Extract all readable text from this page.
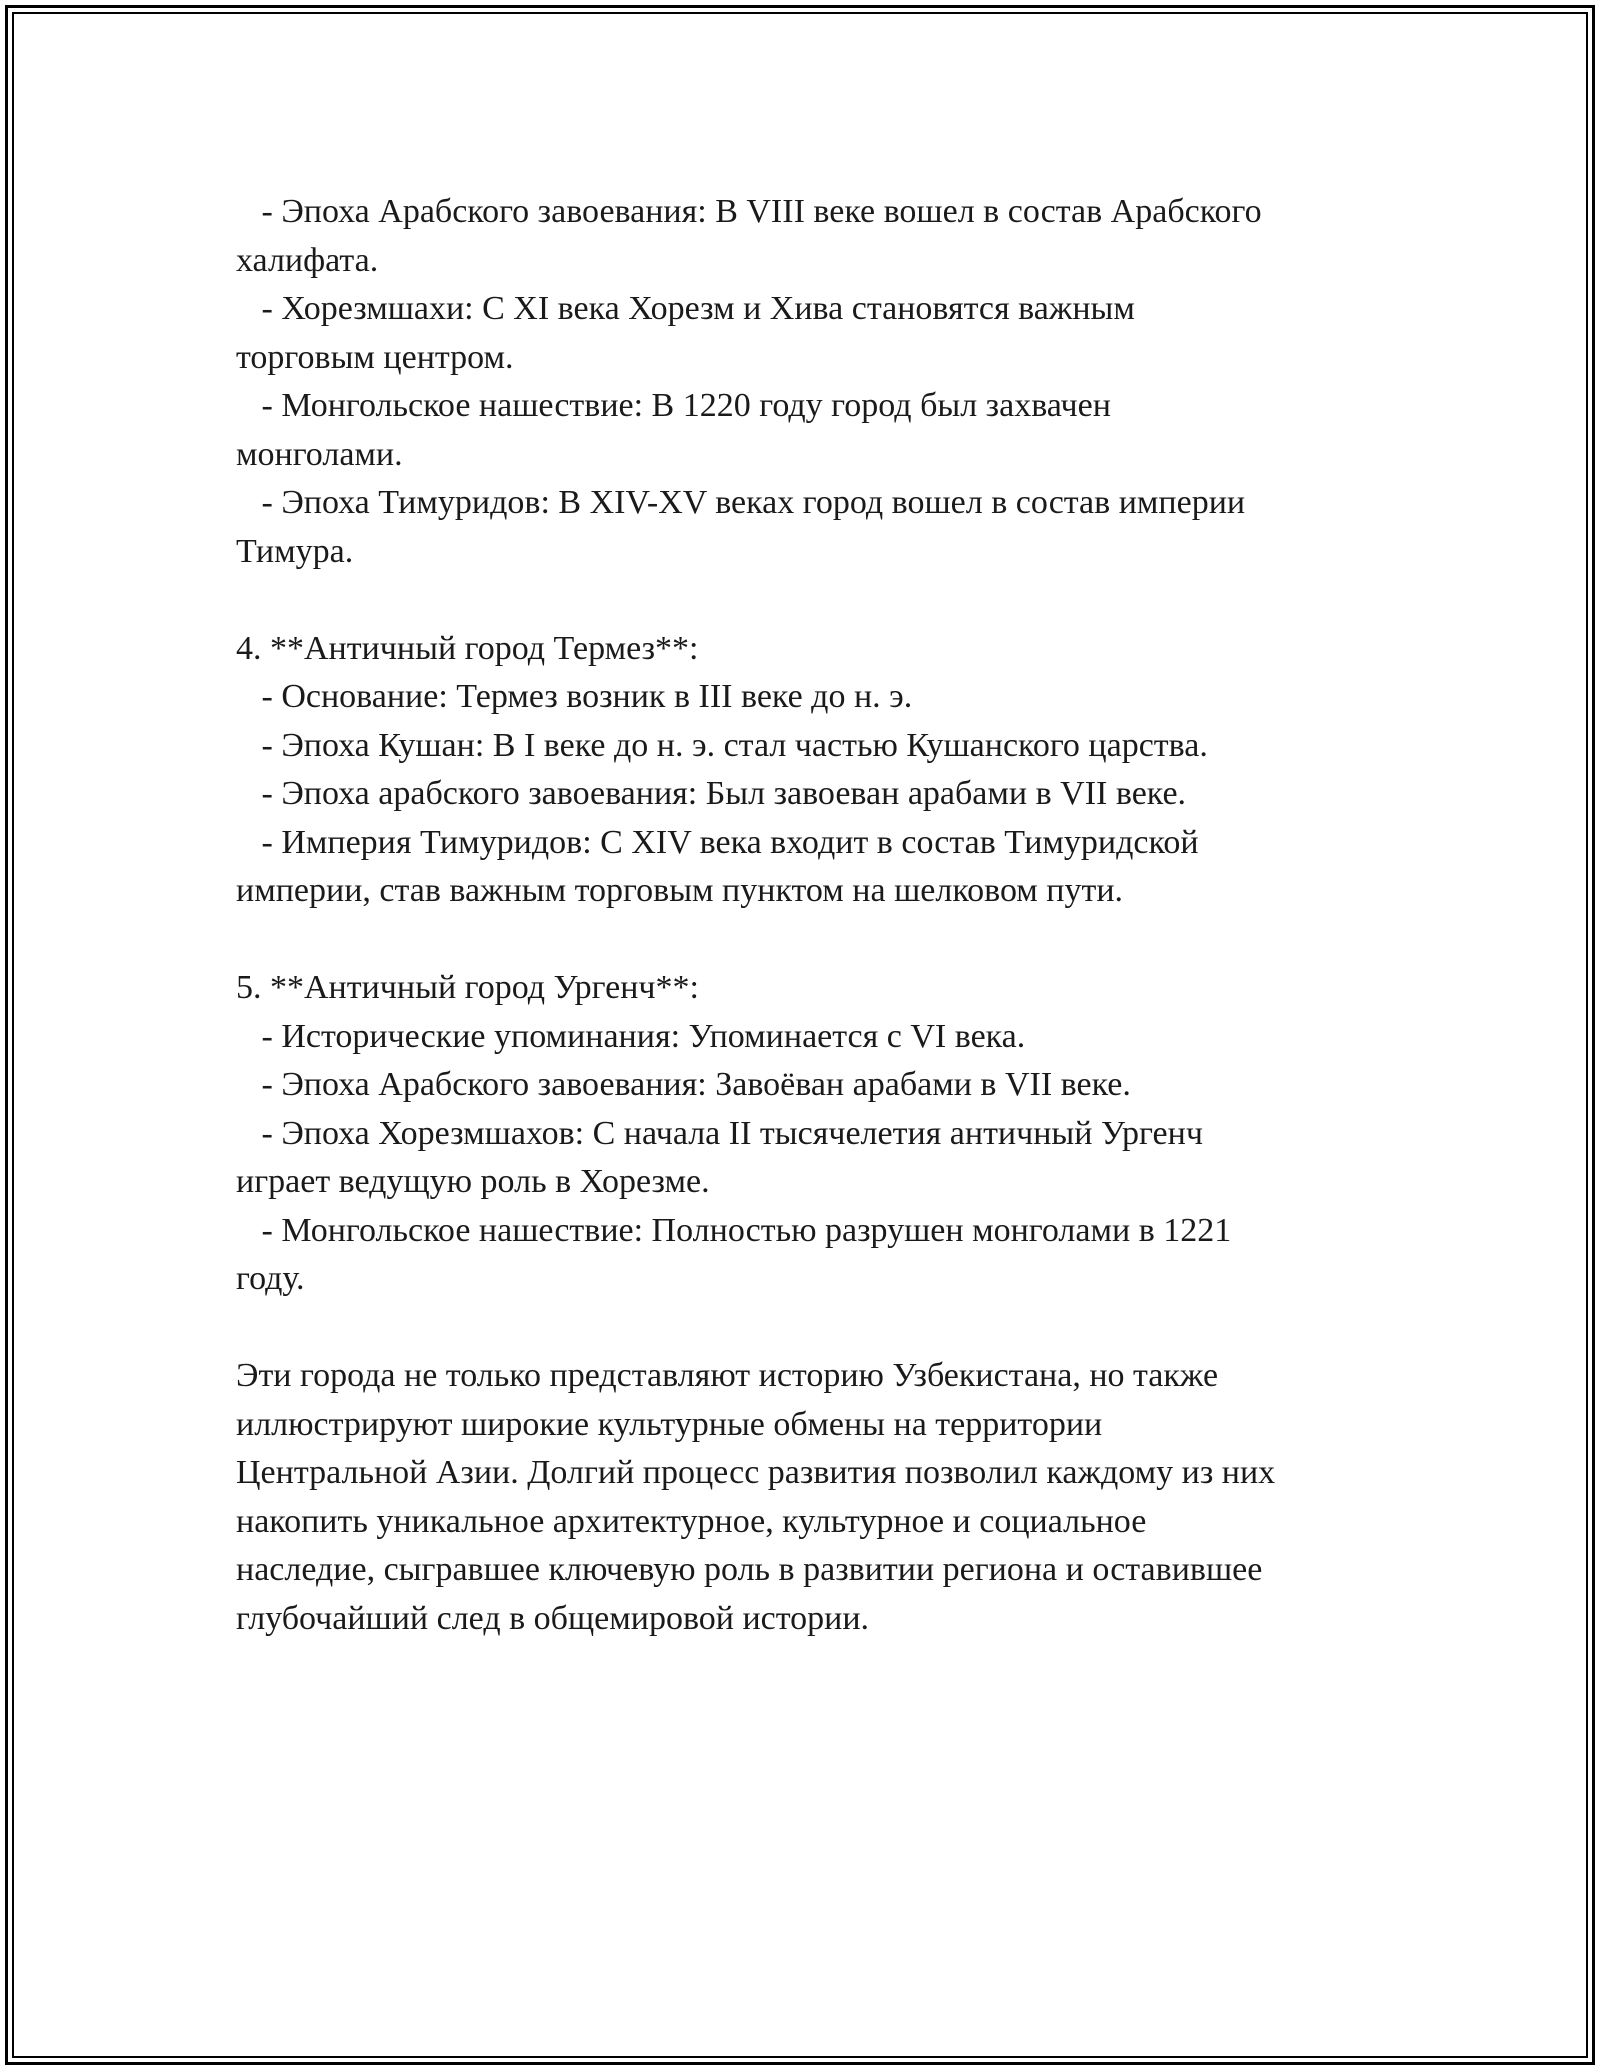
- Эпоха Арабского завоевания: В VIII веке вошел в состав Арабского
халифата.
- Хорезмшахи: С XI века Хорезм и Хива становятся важным
торговым центром.
- Монгольское нашествие: В 1220 году город был захвачен
монголами.
- Эпоха Тимуридов: В XIV-XV веках город вошел в состав империи
Тимура.
4. **Античный город Термез**:
- Основание: Термез возник в III веке до н. э.
- Эпоха Кушан: В I веке до н. э. стал частью Кушанского царства.
- Эпоха арабского завоевания: Был завоеван арабами в VII веке.
- Империя Тимуридов: С XIV века входит в состав Тимуридской
империи, став важным торговым пунктом на шелковом пути.
5. **Античный город Ургенч**:
- Исторические упоминания: Упоминается с VI века.
- Эпоха Арабского завоевания: Завоёван арабами в VII веке.
- Эпоха Хорезмшахов: С начала II тысячелетия античный Ургенч
играет ведущую роль в Хорезме.
- Монгольское нашествие: Полностью разрушен монголами в 1221
году.
Эти города не только представляют историю Узбекистана, но также
иллюстрируют широкие культурные обмены на территории
Центральной Азии. Долгий процесс развития позволил каждому из них
накопить уникальное архитектурное, культурное и социальное
наследие, сыгравшее ключевую роль в развитии региона и оставившее
глубочайший след в общемировой истории.
